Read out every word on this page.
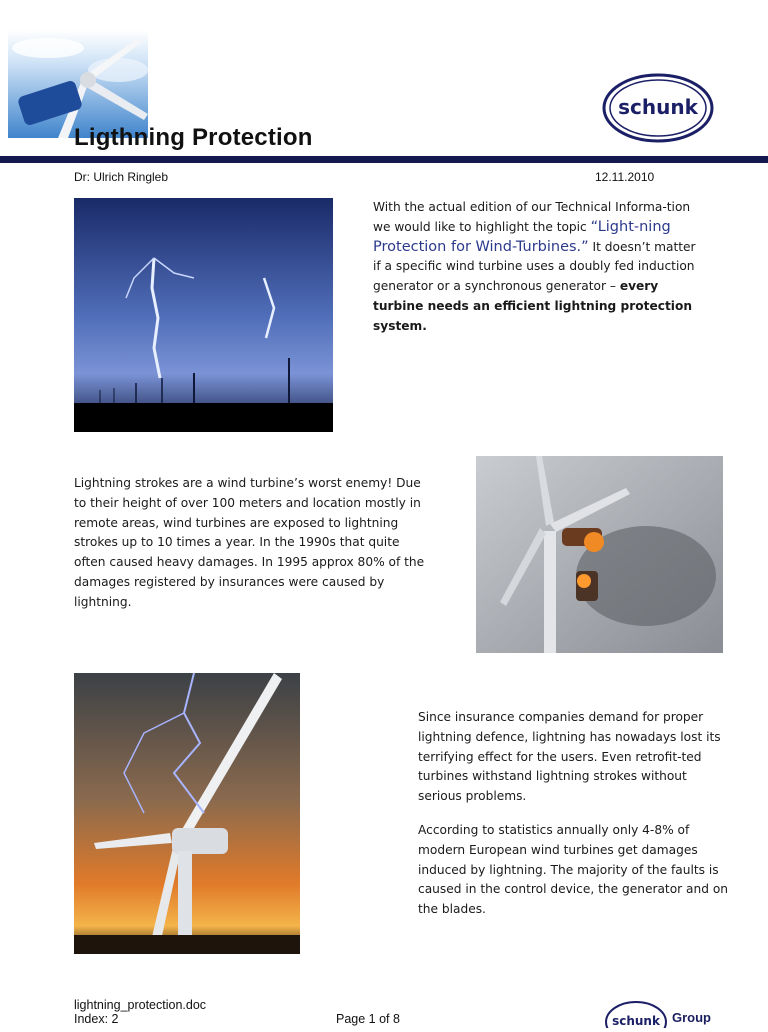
schunk
Ligthning Protection
Dr: Ulrich Ringleb	12.11.2010
With the actual edition of our Technical Informa-tion we would like to highlight the topic “Light-ning Protection for Wind-Turbines.” It doesn’t matter if a specific wind turbine uses a doubly fed induction generator or a synchronous generator – every turbine needs an efficient lightning protection system.
Lightning strokes are a wind turbine’s worst enemy! Due to their height of over 100 meters and location mostly in remote areas, wind turbines are exposed to lightning strokes up to 10 times a year. In the 1990s that quite often caused heavy damages. In 1995 approx 80% of the damages registered by insurances were caused by lightning.
Since insurance companies demand for proper lightning defence, lightning has nowadays lost its terrifying effect for the users. Even retrofit-ted turbines withstand lightning strokes without serious problems.
According to statistics annually only 4-8% of modern European wind turbines get damages induced by lightning. The majority of the faults is caused in the control device, the generator and on the blades.
lightning_protection.doc
Index: 2	Page 1 of 8	schunk Group
